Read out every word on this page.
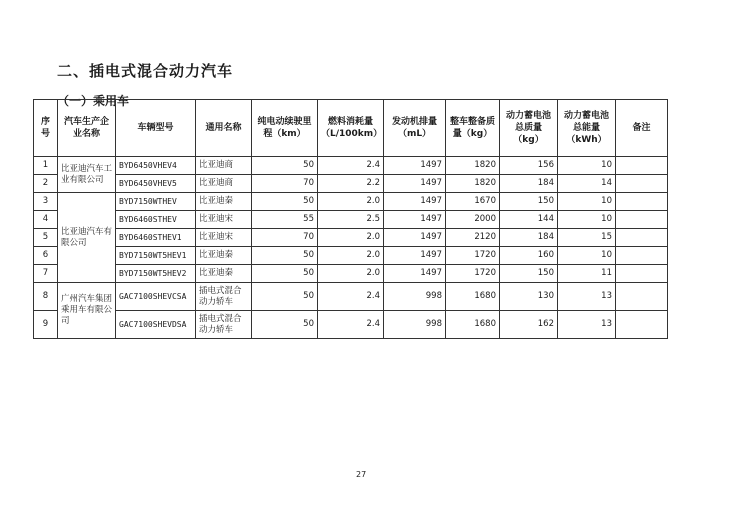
二、插电式混合动力汽车
（一）乘用车
序号	汽车生产企业名称	车辆型号	通用名称	纯电动续驶里程（km）	燃料消耗量（L/100km）	发动机排量（mL）	整车整备质量（kg）	动力蓄电池总质量（kg）	动力蓄电池总能量（kWh）	备注
1	比亚迪汽车工业有限公司	BYD6450VHEV4	比亚迪商	50	2.4	1497	1820	156	10	
2		BYD6450VHEV5	比亚迪商	70	2.2	1497	1820	184	14	
3	比亚迪汽车有限公司	BYD7150WTHEV	比亚迪秦	50	2.0	1497	1670	150	10	
4		BYD6460STHEV	比亚迪宋	55	2.5	1497	2000	144	10	
5		BYD6460STHEV1	比亚迪宋	70	2.0	1497	2120	184	15	
6		BYD7150WT5HEV1	比亚迪秦	50	2.0	1497	1720	160	10	
7		BYD7150WT5HEV2	比亚迪秦	50	2.0	1497	1720	150	11	
8	广州汽车集团乘用车有限公司	GAC7100SHEVCSA	插电式混合动力轿车	50	2.4	998	1680	130	13	
9		GAC7100SHEVDSA	插电式混合动力轿车	50	2.4	998	1680	162	13	
27
